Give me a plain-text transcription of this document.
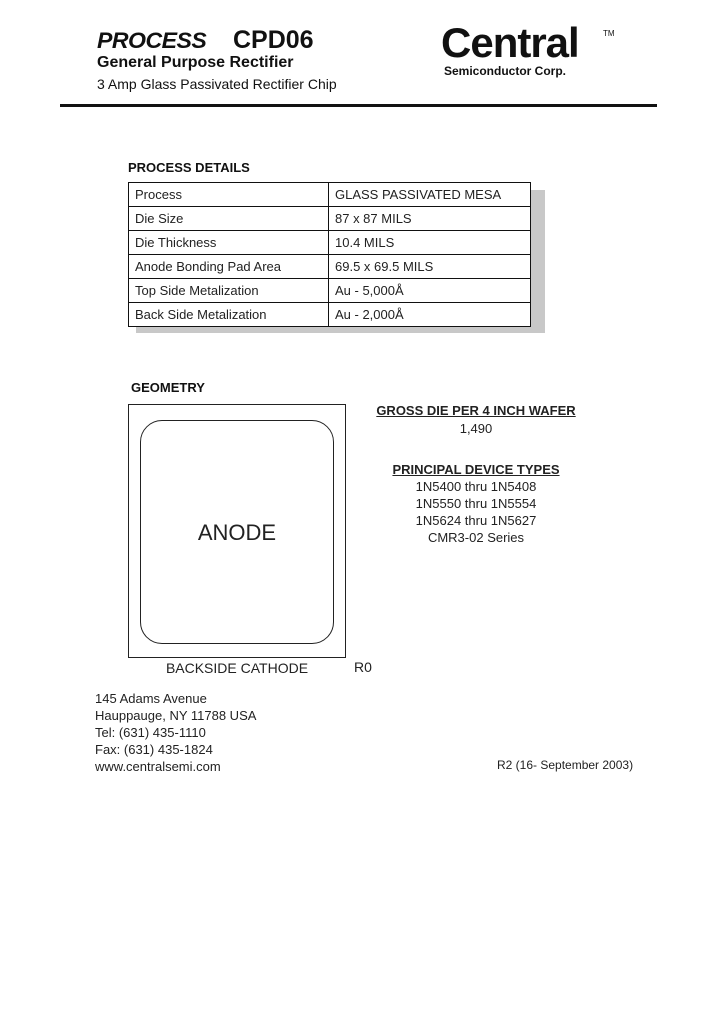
PROCESS CPD06
General Purpose Rectifier
3 Amp Glass Passivated Rectifier Chip
Central	TM
Semiconductor Corp.
PROCESS DETAILS
Process	GLASS PASSIVATED MESA
Die Size	87 x 87 MILS
Die Thickness	10.4 MILS
Anode Bonding Pad Area	69.5 x 69.5 MILS
Top Side Metalization	Au - 5,000Å
Back Side Metalization	Au - 2,000Å
GEOMETRY
ANODE
BACKSIDE CATHODE	R0
GROSS DIE PER 4 INCH WAFER
1,490
PRINCIPAL DEVICE TYPES
1N5400 thru 1N5408
1N5550 thru 1N5554
1N5624 thru 1N5627
CMR3-02 Series
145 Adams Avenue
Hauppauge, NY 11788 USA
Tel: (631) 435-1110
Fax: (631) 435-1824
www.centralsemi.com	R2 (16- September 2003)
